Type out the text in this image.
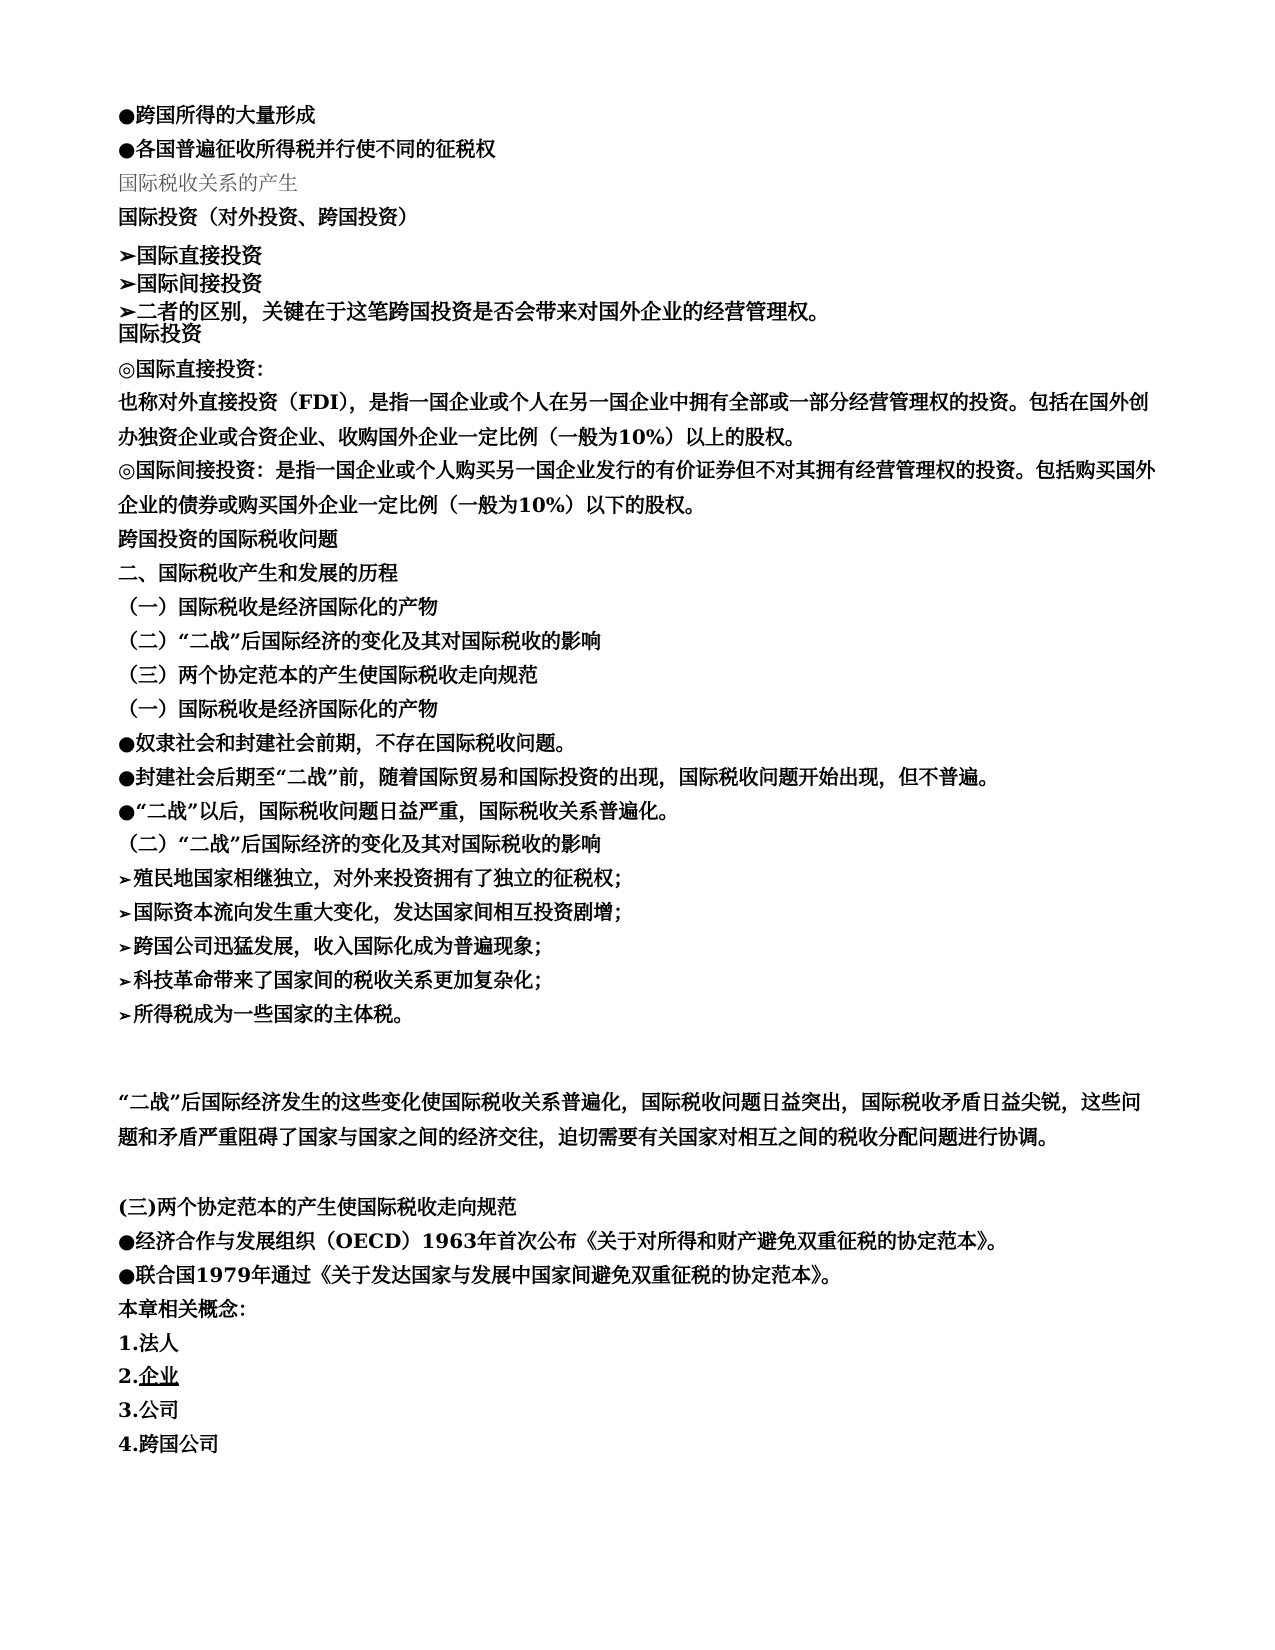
●跨国所得的大量形成
●各国普遍征收所得税并行使不同的征税权
国际税收关系的产生
国际投资（对外投资、跨国投资）
➢国际直接投资
➢国际间接投资
➢二者的区别，关键在于这笔跨国投资是否会带来对国外企业的经营管理权。
国际投资
◎国际直接投资：
也称对外直接投资（FDI），是指一国企业或个人在另一国企业中拥有全部或一部分经营管理权的投资。包括在国外创办独资企业或合资企业、收购国外企业一定比例（一般为10%）以上的股权。
◎国际间接投资：是指一国企业或个人购买另一国企业发行的有价证券但不对其拥有经营管理权的投资。包括购买国外企业的债券或购买国外企业一定比例（一般为10%）以下的股权。
跨国投资的国际税收问题
二、国际税收产生和发展的历程
（一）国际税收是经济国际化的产物
（二）“二战”后国际经济的变化及其对国际税收的影响
（三）两个协定范本的产生使国际税收走向规范
（一）国际税收是经济国际化的产物
●奴隶社会和封建社会前期，不存在国际税收问题。
●封建社会后期至“二战”前，随着国际贸易和国际投资的出现，国际税收问题开始出现，但不普遍。
●“二战”以后，国际税收问题日益严重，国际税收关系普遍化。
（二）“二战”后国际经济的变化及其对国际税收的影响
➢ 殖民地国家相继独立，对外来投资拥有了独立的征税权；
➢ 国际资本流向发生重大变化，发达国家间相互投资剧增；
➢ 跨国公司迅猛发展，收入国际化成为普遍现象；
➢ 科技革命带来了国家间的税收关系更加复杂化；
➢ 所得税成为一些国家的主体税。
“二战”后国际经济发生的这些变化使国际税收关系普遍化，国际税收问题日益突出，国际税收矛盾日益尖锐，这些问题和矛盾严重阻碍了国家与国家之间的经济交往，迫切需要有关国家对相互之间的税收分配问题进行协调。
(三)两个协定范本的产生使国际税收走向规范
●经济合作与发展组织（OECD）1963年首次公布《关于对所得和财产避免双重征税的协定范本》。
●联合国1979年通过《关于发达国家与发展中国家间避免双重征税的协定范本》。
本章相关概念：
1.法人
2.企业
3.公司
4.跨国公司
